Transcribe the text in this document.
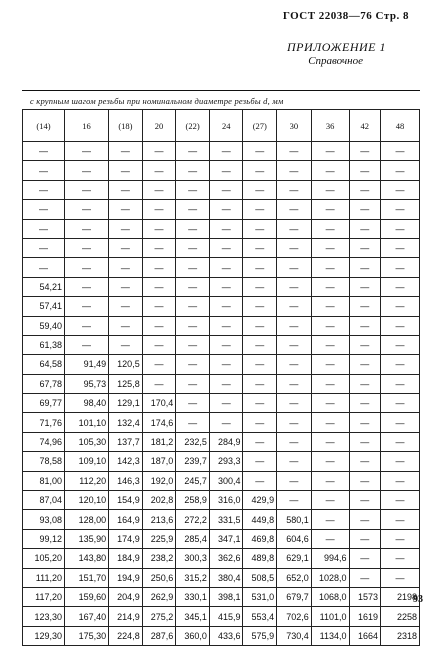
ГОСТ 22038—76 Стр. 8
ПРИЛОЖЕНИЕ 1
Справочное
с крупным шагом резьбы при номинальном диаметре резьбы d, мм
(14)	16	(18)	20	(22)	24	(27)	30	36	42	48
—	—	—	—	—	—	—	—	—	—	—
—	—	—	—	—	—	—	—	—	—	—
—	—	—	—	—	—	—	—	—	—	—
—	—	—	—	—	—	—	—	—	—	—
—	—	—	—	—	—	—	—	—	—	—
—	—	—	—	—	—	—	—	—	—	—
—	—	—	—	—	—	—	—	—	—	—
54,21	—	—	—	—	—	—	—	—	—	—
57,41	—	—	—	—	—	—	—	—	—	—
59,40	—	—	—	—	—	—	—	—	—	—
61,38	—	—	—	—	—	—	—	—	—	—
64,58	91,49	120,5	—	—	—	—	—	—	—	—
67,78	95,73	125,8	—	—	—	—	—	—	—	—
69,77	98,40	129,1	170,4	—	—	—	—	—	—	—
71,76	101,10	132,4	174,6	—	—	—	—	—	—	—
74,96	105,30	137,7	181,2	232,5	284,9	—	—	—	—	—
78,58	109,10	142,3	187,0	239,7	293,3	—	—	—	—	—
81,00	112,20	146,3	192,0	245,7	300,4	—	—	—	—	—
87,04	120,10	154,9	202,8	258,9	316,0	429,9	—	—	—	—
93,08	128,00	164,9	213,6	272,2	331,5	449,8	580,1	—	—	—
99,12	135,90	174,9	225,9	285,4	347,1	469,8	604,6	—	—	—
105,20	143,80	184,9	238,2	300,3	362,6	489,8	629,1	994,6	—	—
111,20	151,70	194,9	250,6	315,2	380,4	508,5	652,0	1028,0	—	—
117,20	159,60	204,9	262,9	330,1	398,1	531,0	679,7	1068,0	1573	2198
123,30	167,40	214,9	275,2	345,1	415,9	553,4	702,6	1101,0	1619	2258
129,30	175,30	224,8	287,6	360,0	433,6	575,9	730,4	1134,0	1664	2318
93
